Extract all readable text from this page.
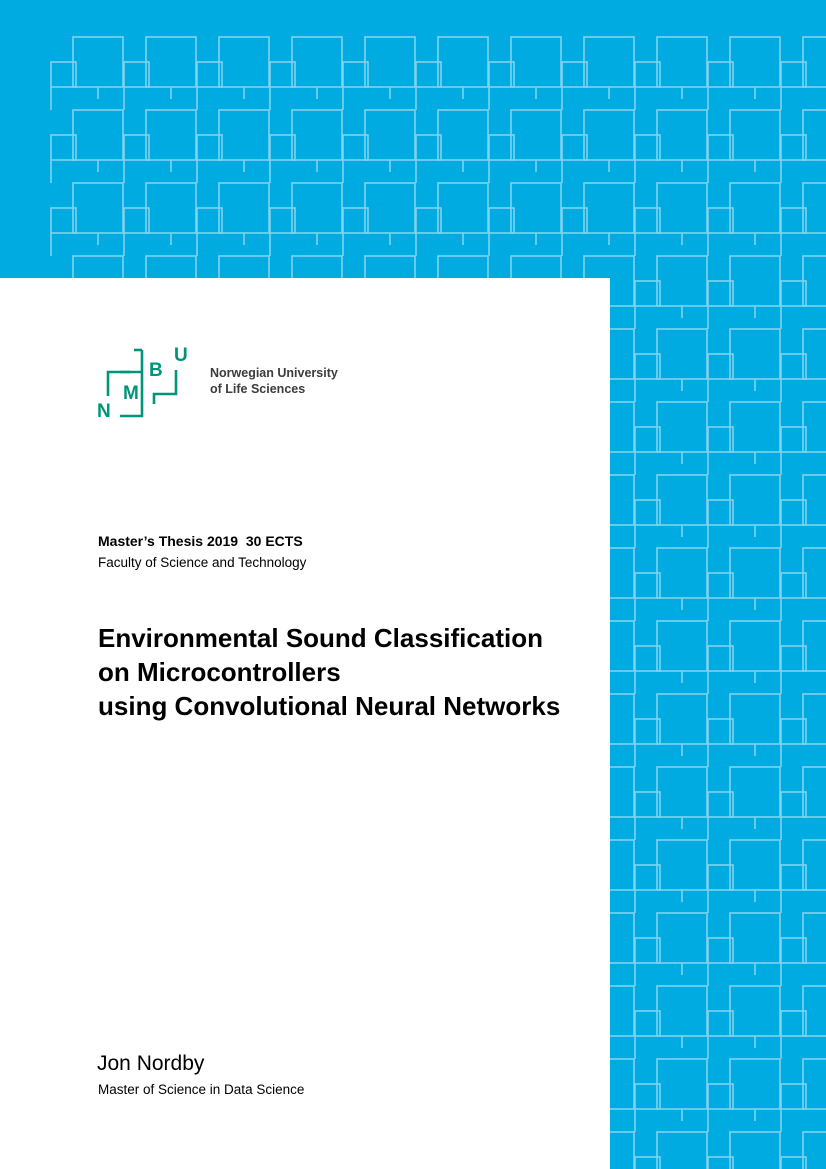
N
M
B
U
Norwegian University
of Life Sciences
Master’s Thesis 2019  30 ECTS
Faculty of Science and Technology
Environmental Sound Classification
on Microcontrollers
using Convolutional Neural Networks
Jon Nordby
Master of Science in Data Science
